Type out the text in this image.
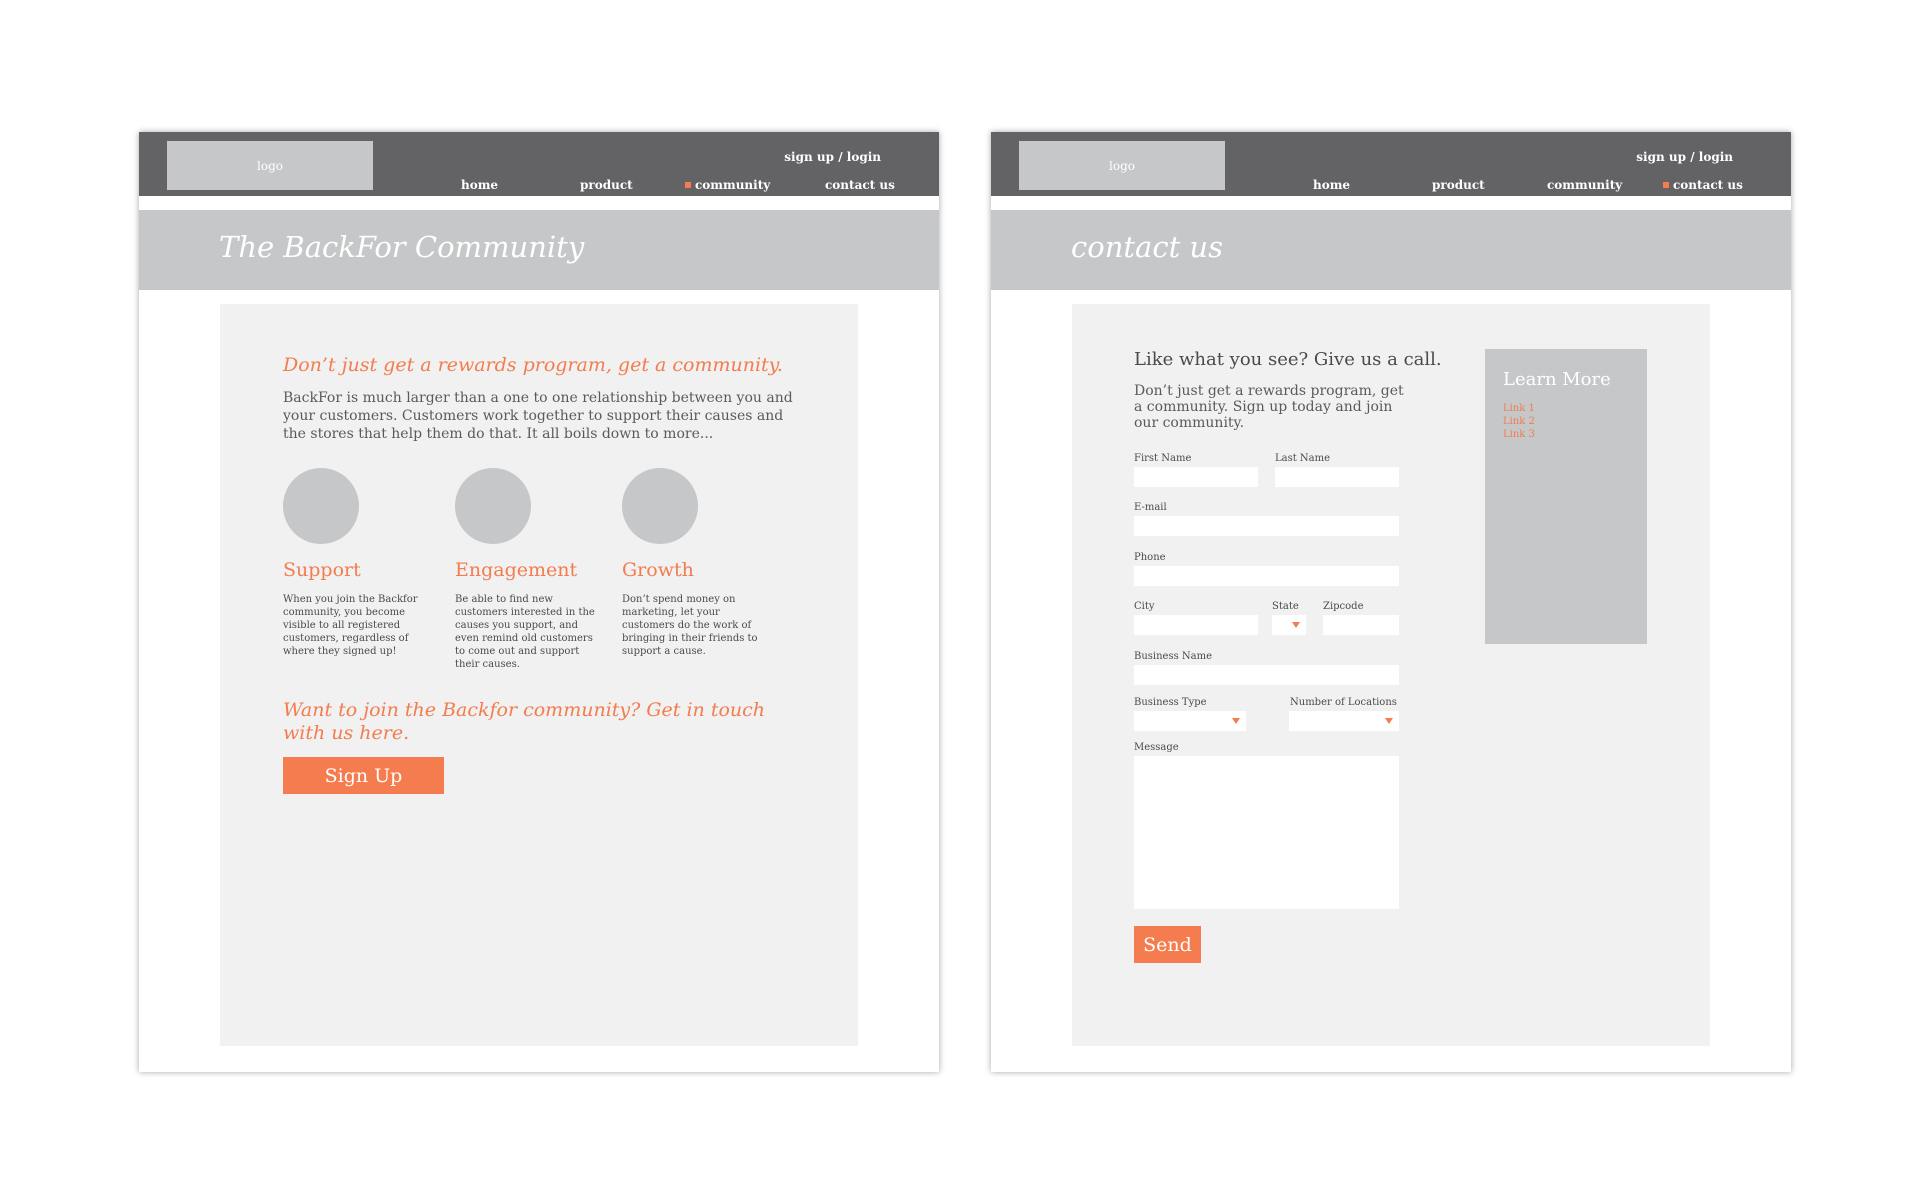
logo
sign up / login
home	product	community	contact us
The BackFor Community
Don’t just get a rewards program, get a community.
BackFor is much larger than a one to one relationship between you and your customers. Customers work together to support their causes and the stores that help them do that. It all boils down to more...
Support
When you join the Backfor community, you become visible to all registered customers, regardless of where they signed up!
Engagement
Be able to find new customers interested in the causes you support, and even remind old customers to come out and support their causes.
Growth
Don’t spend money on marketing, let your customers do the work of bringing in their friends to support a cause.
Want to join the Backfor community? Get in touch with us here.
Sign Up
logo
sign up / login
home	product	community	contact us
contact us
Like what you see? Give us a call.
Don’t just get a rewards program, get a community. Sign up today and join our community.
First Name	Last Name
E-mail
Phone
City	State Zipcode
Business Name
Business Type	Number of Locations
Message
Send
Learn More
Link 1
Link 2
Link 3
